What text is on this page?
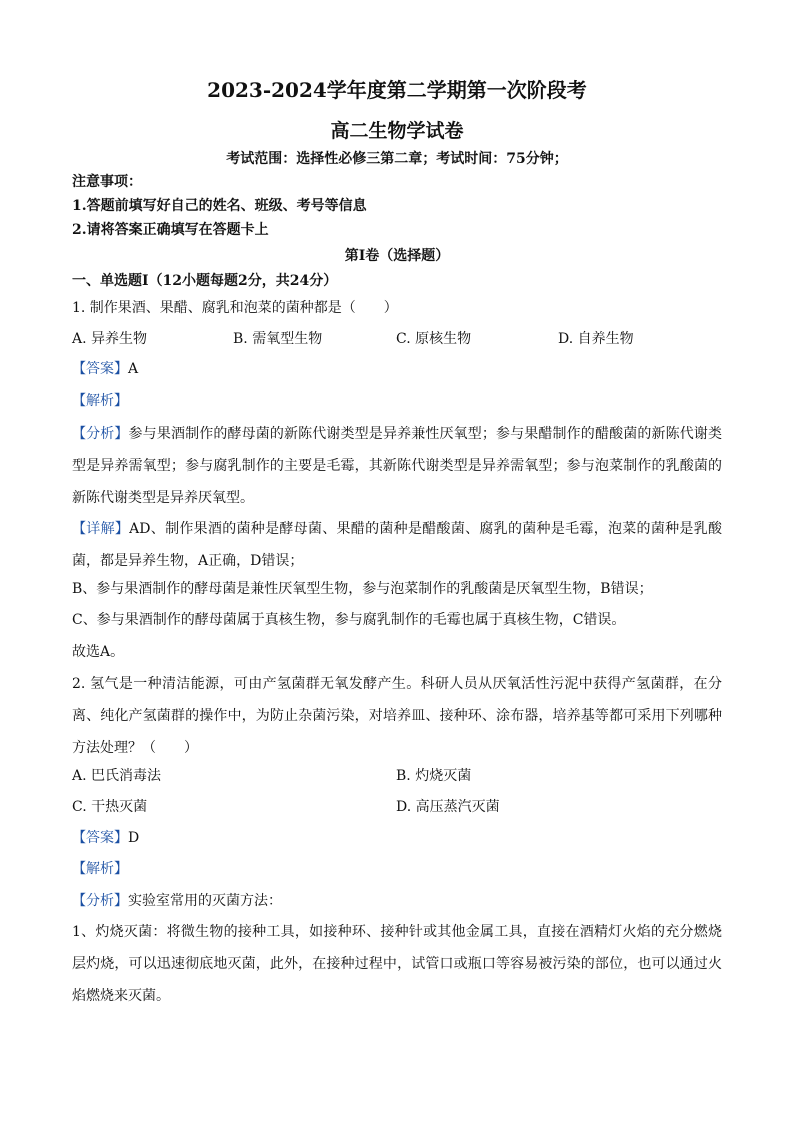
2023-2024学年度第二学期第一次阶段考
高二生物学试卷
考试范围：选择性必修三第二章；考试时间：75分钟；
注意事项：
1.答题前填写好自己的姓名、班级、考号等信息
2.请将答案正确填写在答题卡上
第I卷（选择题）
一、单选题I（12小题每题2分，共24分）
1. 制作果酒、果醋、腐乳和泡菜的菌种都是（　　）
A. 异养生物	B. 需氧型生物	C. 原核生物	D. 自养生物
【答案】A
【解析】
【分析】参与果酒制作的酵母菌的新陈代谢类型是异养兼性厌氧型；参与果醋制作的醋酸菌的新陈代谢类型是异养需氧型；参与腐乳制作的主要是毛霉，其新陈代谢类型是异养需氧型；参与泡菜制作的乳酸菌的新陈代谢类型是异养厌氧型。
【详解】AD、制作果酒的菌种是酵母菌、果醋的菌种是醋酸菌、腐乳的菌种是毛霉，泡菜的菌种是乳酸菌，都是异养生物，A正确，D错误；
B、参与果酒制作的酵母菌是兼性厌氧型生物，参与泡菜制作的乳酸菌是厌氧型生物，B错误；
C、参与果酒制作的酵母菌属于真核生物，参与腐乳制作的毛霉也属于真核生物，C错误。
故选A。
2. 氢气是一种清洁能源，可由产氢菌群无氧发酵产生。科研人员从厌氧活性污泥中获得产氢菌群，在分离、纯化产氢菌群的操作中，为防止杂菌污染，对培养皿、接种环、涂布器，培养基等都可采用下列哪种方法处理？（　　）
A. 巴氏消毒法	B. 灼烧灭菌
C. 干热灭菌	D. 高压蒸汽灭菌
【答案】D
【解析】
【分析】实验室常用的灭菌方法：
1、灼烧灭菌：将微生物的接种工具，如接种环、接种针或其他金属工具，直接在酒精灯火焰的充分燃烧层灼烧，可以迅速彻底地灭菌，此外，在接种过程中，试管口或瓶口等容易被污染的部位，也可以通过火焰燃烧来灭菌。
